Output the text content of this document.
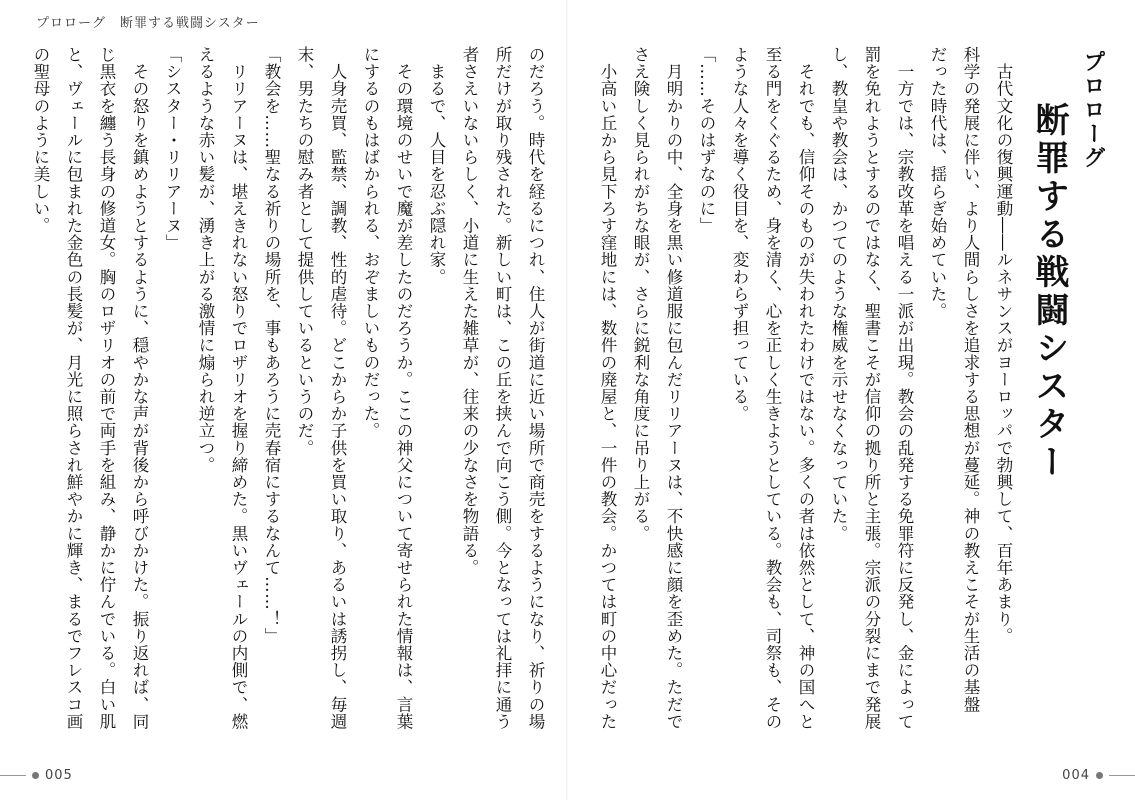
プロローグ　断罪する戦闘シスター

のだろう。時代を経るにつれ、住人が街道に近い場所で商売をするようになり、祈りの場

所だけが取り残された。新しい町は、この丘を挟んで向こう側。今となっては礼拝に通う

者さえいないらしく、小道に生えた雑草が、往来の少なさを物語る。

　まるで、人目を忍ぶ隠れ家。

　その環境のせいで魔が差したのだろうか。ここの神父について寄せられた情報は、言葉

にするのもはばかられる、おぞましいものだった。

　人身売買、監禁、調教、性的虐待。どこからか子供を買い取り、あるいは誘拐し、毎週

末、男たちの慰み者として提供しているというのだ。

「教会を……聖なる祈りの場所を、事もあろうに売春宿にするなんて……！」

　リリアーヌは、堪えきれない怒りでロザリオを握り締めた。黒いヴェールの内側で、燃

えるような赤い髪が、湧き上がる激情に煽られ逆立つ。

「シスター・リリアーヌ」

　その怒りを鎮めようとするように、穏やかな声が背後から呼びかけた。振り返れば、同

じ黒衣を纏う長身の修道女。胸のロザリオの前で両手を組み、静かに佇んでいる。白い肌

と、ヴェールに包まれた金色の長髪が、月光に照らされ鮮やかに輝き、まるでフレスコ画

の聖母のように美しい。	　古代文化の復興運動――ルネサンスがヨーロッパで勃興して、百年あまり。

科学の発展に伴い、より人間らしさを追求する思想が蔓延。神の教えこそが生活の基盤

だった時代は、揺らぎ始めていた。

　一方では、宗教改革を唱える一派が出現。教会の乱発する免罪符に反発し、金によって

罰を免れようとするのではなく、聖書こそが信仰の拠り所と主張。宗派の分裂にまで発展

し、教皇や教会は、かつてのような権威を示せなくなっていた。

　それでも、信仰そのものが失われたわけではない。多くの者は依然として、神の国へと

至る門をくぐるため、身を清く、心を正しく生きようとしている。教会も、司祭も、その

ような人々を導く役目を、変わらず担っている。

「……そのはずなのに」

　月明かりの中、全身を黒い修道服に包んだリリアーヌは、不快感に顔を歪めた。ただで

さえ険しく見られがちな眼が、さらに鋭利な角度に吊り上がる。

　小高い丘から見下ろす窪地には、数件の廃屋と、一件の教会。かつては町の中心だった	プロローグ

断罪する戦闘シスター

005	004
